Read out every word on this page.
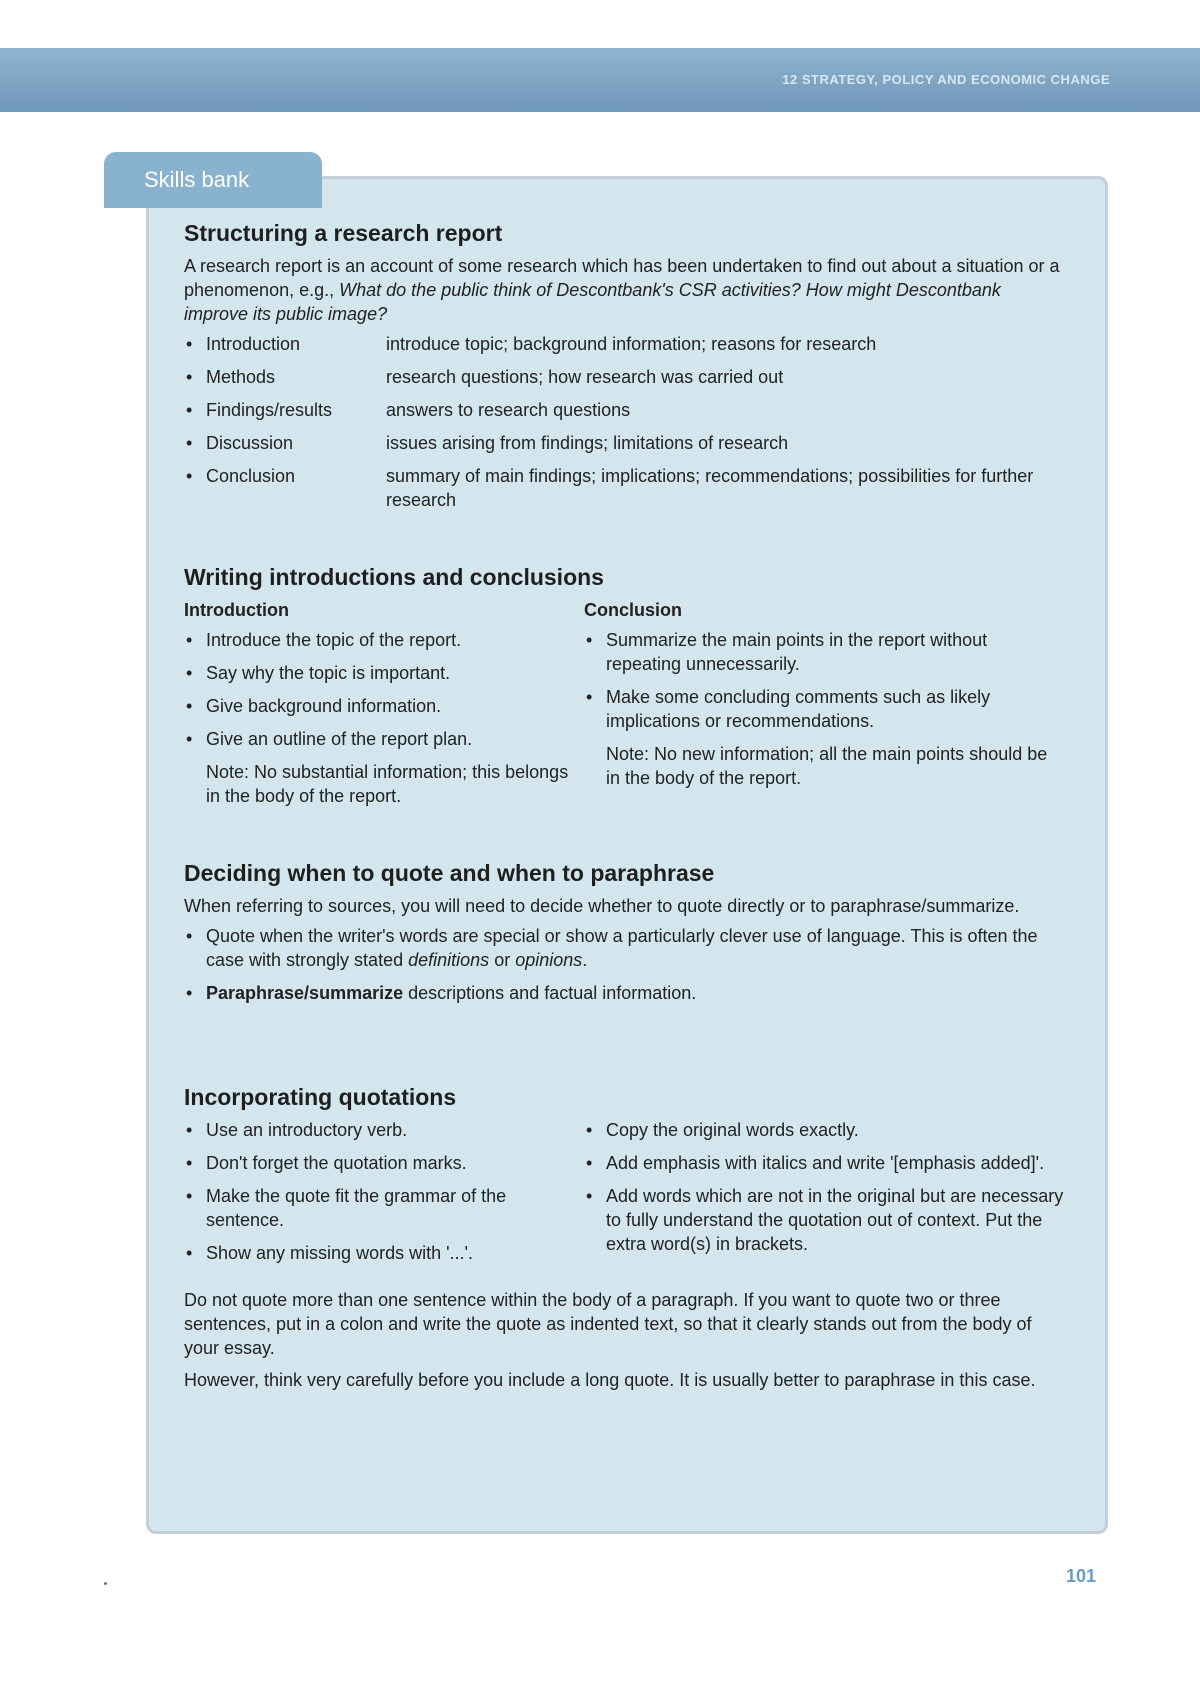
12 STRATEGY, POLICY AND ECONOMIC CHANGE
Skills bank
Structuring a research report

A research report is an account of some research which has been undertaken to find out about a situation or a phenomenon, e.g., What do the public think of Descontbank's CSR activities? How might Descontbank improve its public image?

• Introduction	introduce topic; background information; reasons for research
• Methods	research questions; how research was carried out
• Findings/results	answers to research questions
• Discussion	issues arising from findings; limitations of research
• Conclusion	summary of main findings; implications; recommendations; possibilities for further research
Writing introductions and conclusions
Introduction
• Introduce the topic of the report.
• Say why the topic is important.
• Give background information.
• Give an outline of the report plan.

Note: No substantial information; this belongs in the body of the report.

Conclusion
• Summarize the main points in the report without repeating unnecessarily.
• Make some concluding comments such as likely implications or recommendations.

Note: No new information; all the main points should be in the body of the report.

Deciding when to quote and when to paraphrase

When referring to sources, you will need to decide whether to quote directly or to paraphrase/summarize.

• Quote when the writer's words are special or show a particularly clever use of language. This is often the case with strongly stated definitions or opinions.
• Paraphrase/summarize descriptions and factual information.
Incorporating quotations
• Use an introductory verb.
• Don't forget the quotation marks.
• Make the quote fit the grammar of the sentence.
• Show any missing words with '...'.
• Copy the original words exactly.
• Add emphasis with italics and write '[emphasis added]'.
• Add words which are not in the original but are necessary to fully understand the quotation out of context. Put the extra word(s) in brackets.

Do not quote more than one sentence within the body of a paragraph. If you want to quote two or three sentences, put in a colon and write the quote as indented text, so that it clearly stands out from the body of your essay.

However, think very carefully before you include a long quote. It is usually better to paraphrase in this case.

101
